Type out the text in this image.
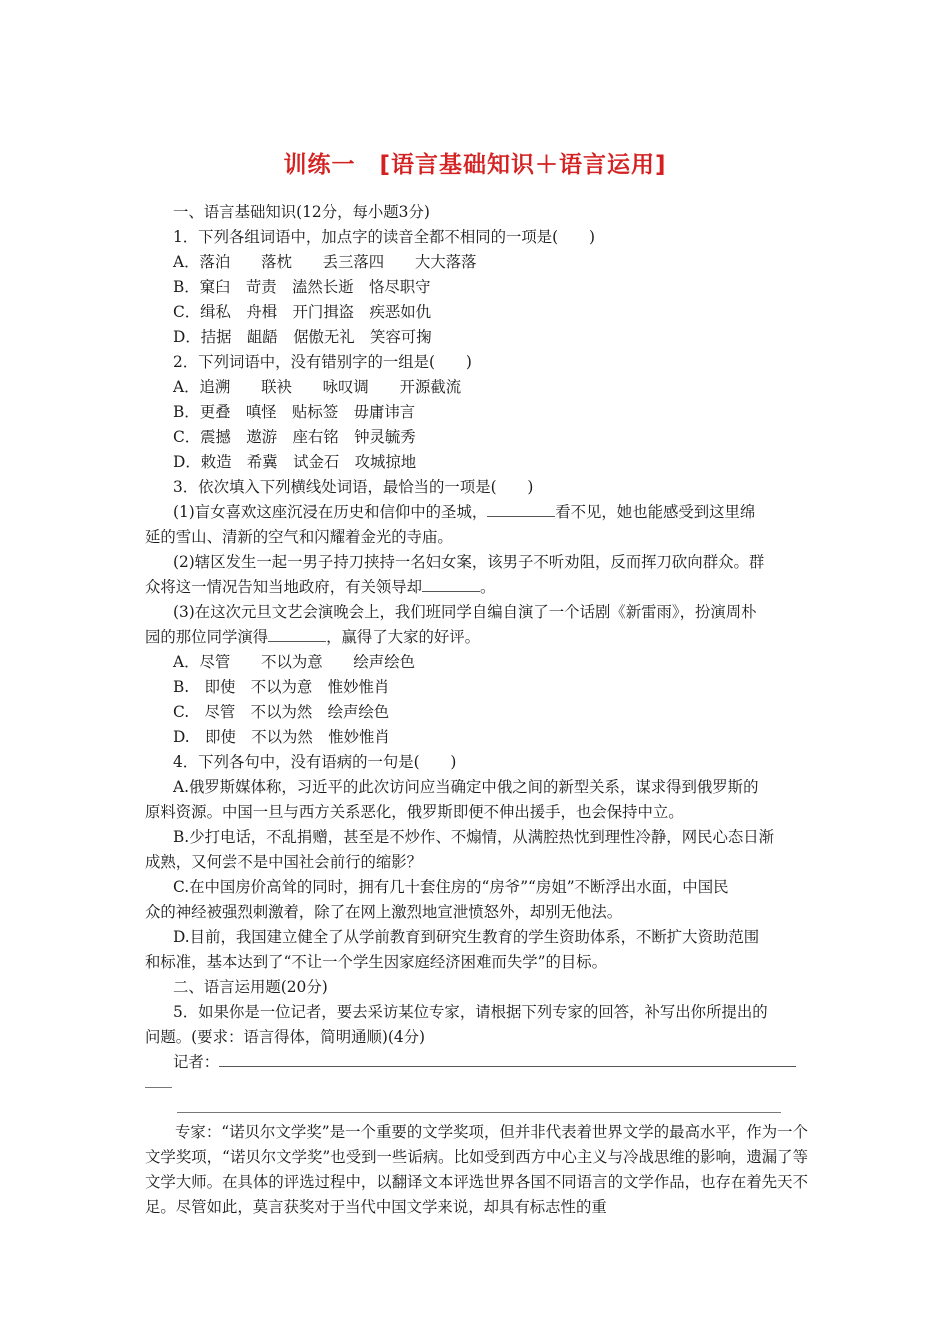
训练一　[语言基础知识＋语言运用]
一、语言基础知识(12分，每小题3分)
1．下列各组词语中，加点字的读音全都不相同的一项是(　　)
A．落泊　　落枕　　丢三落四　　大大落落
B．窠臼　苛责　溘然长逝　恪尽职守
C．缉私　舟楫　开门揖盗　疾恶如仇
D．拮据　龃龉　倨傲无礼　笑容可掬
2．下列词语中，没有错别字的一组是(　　)
A．追溯　　联袂　　咏叹调　　开源截流
B．更叠　嗔怪　贴标签　毋庸讳言
C．震撼　遨游　座右铭　钟灵毓秀
D．敕造　希冀　试金石　攻城掠地
3．依次填入下列横线处词语，最恰当的一项是(　　)
(1)盲女喜欢这座沉浸在历史和信仰中的圣城，	看不见，她也能感受到这里绵
延的雪山、清新的空气和闪耀着金光的寺庙。
(2)辖区发生一起一男子持刀挟持一名妇女案，该男子不听劝阻，反而挥刀砍向群众。群
众将这一情况告知当地政府，有关领导却	。
(3)在这次元旦文艺会演晚会上，我们班同学自编自演了一个话剧《新雷雨》，扮演周朴
园的那位同学演得	，赢得了大家的好评。
A．尽管　　不以为意　　绘声绘色
B.　即使　不以为意　惟妙惟肖
C.　尽管　不以为然　绘声绘色
D.　即使　不以为然　惟妙惟肖
4．下列各句中，没有语病的一句是(　　)
A.俄罗斯媒体称，习近平的此次访问应当确定中俄之间的新型关系，谋求得到俄罗斯的
原料资源。中国一旦与西方关系恶化，俄罗斯即便不伸出援手，也会保持中立。
B.少打电话，不乱捐赠，甚至是不炒作、不煽情，从满腔热忱到理性冷静，网民心态日渐
成熟，又何尝不是中国社会前行的缩影？
C.在中国房价高耸的同时，拥有几十套住房的“房爷”“房姐”不断浮出水面，中国民
众的神经被强烈刺激着，除了在网上激烈地宣泄愤怒外，却别无他法。
D.目前，我国建立健全了从学前教育到研究生教育的学生资助体系，不断扩大资助范围
和标准，基本达到了“不让一个学生因家庭经济困难而失学”的目标。
二、语言运用题(20分)
5．如果你是一位记者，要去采访某位专家，请根据下列专家的回答，补写出你所提出的
问题。(要求：语言得体，简明通顺)(4分)
记者：
专家：“诺贝尔文学奖”是一个重要的文学奖项，但并非代表着世界文学的最高水平，作为一个文学奖项，“诺贝尔文学奖”也受到一些诟病。比如受到西方中心主义与冷战思维的影响，遗漏了等文学大师。在具体的评选过程中，以翻译文本评选世界各国不同语言的文学作品，也存在着先天不足。尽管如此，莫言获奖对于当代中国文学来说，却具有标志性的重
